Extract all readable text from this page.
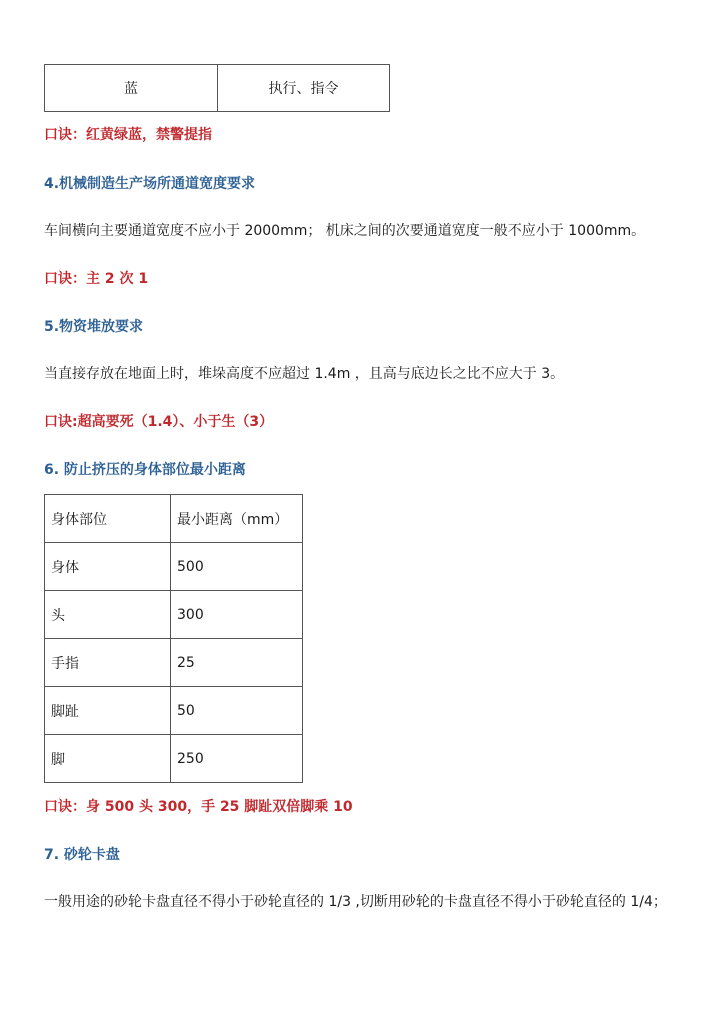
蓝	执行、指令
口诀：红黄绿蓝，禁警提指
4.机械制造生产场所通道宽度要求
车间横向主要通道宽度不应小于 2000mm； 机床之间的次要通道宽度一般不应小于 1000mm。
口诀：主 2 次 1
5.物资堆放要求
当直接存放在地面上时，堆垛高度不应超过 1.4m ，且高与底边长之比不应大于 3。
口诀:超高要死（1.4）、小于生（3）
6. 防止挤压的身体部位最小距离
身体部位	最小距离（mm）
身体	500
头	300
手指	25
脚趾	50
脚	250
口诀：身 500 头 300，手 25 脚趾双倍脚乘 10
7. 砂轮卡盘
一般用途的砂轮卡盘直径不得小于砂轮直径的 1/3 ,切断用砂轮的卡盘直径不得小于砂轮直径的 1/4；
